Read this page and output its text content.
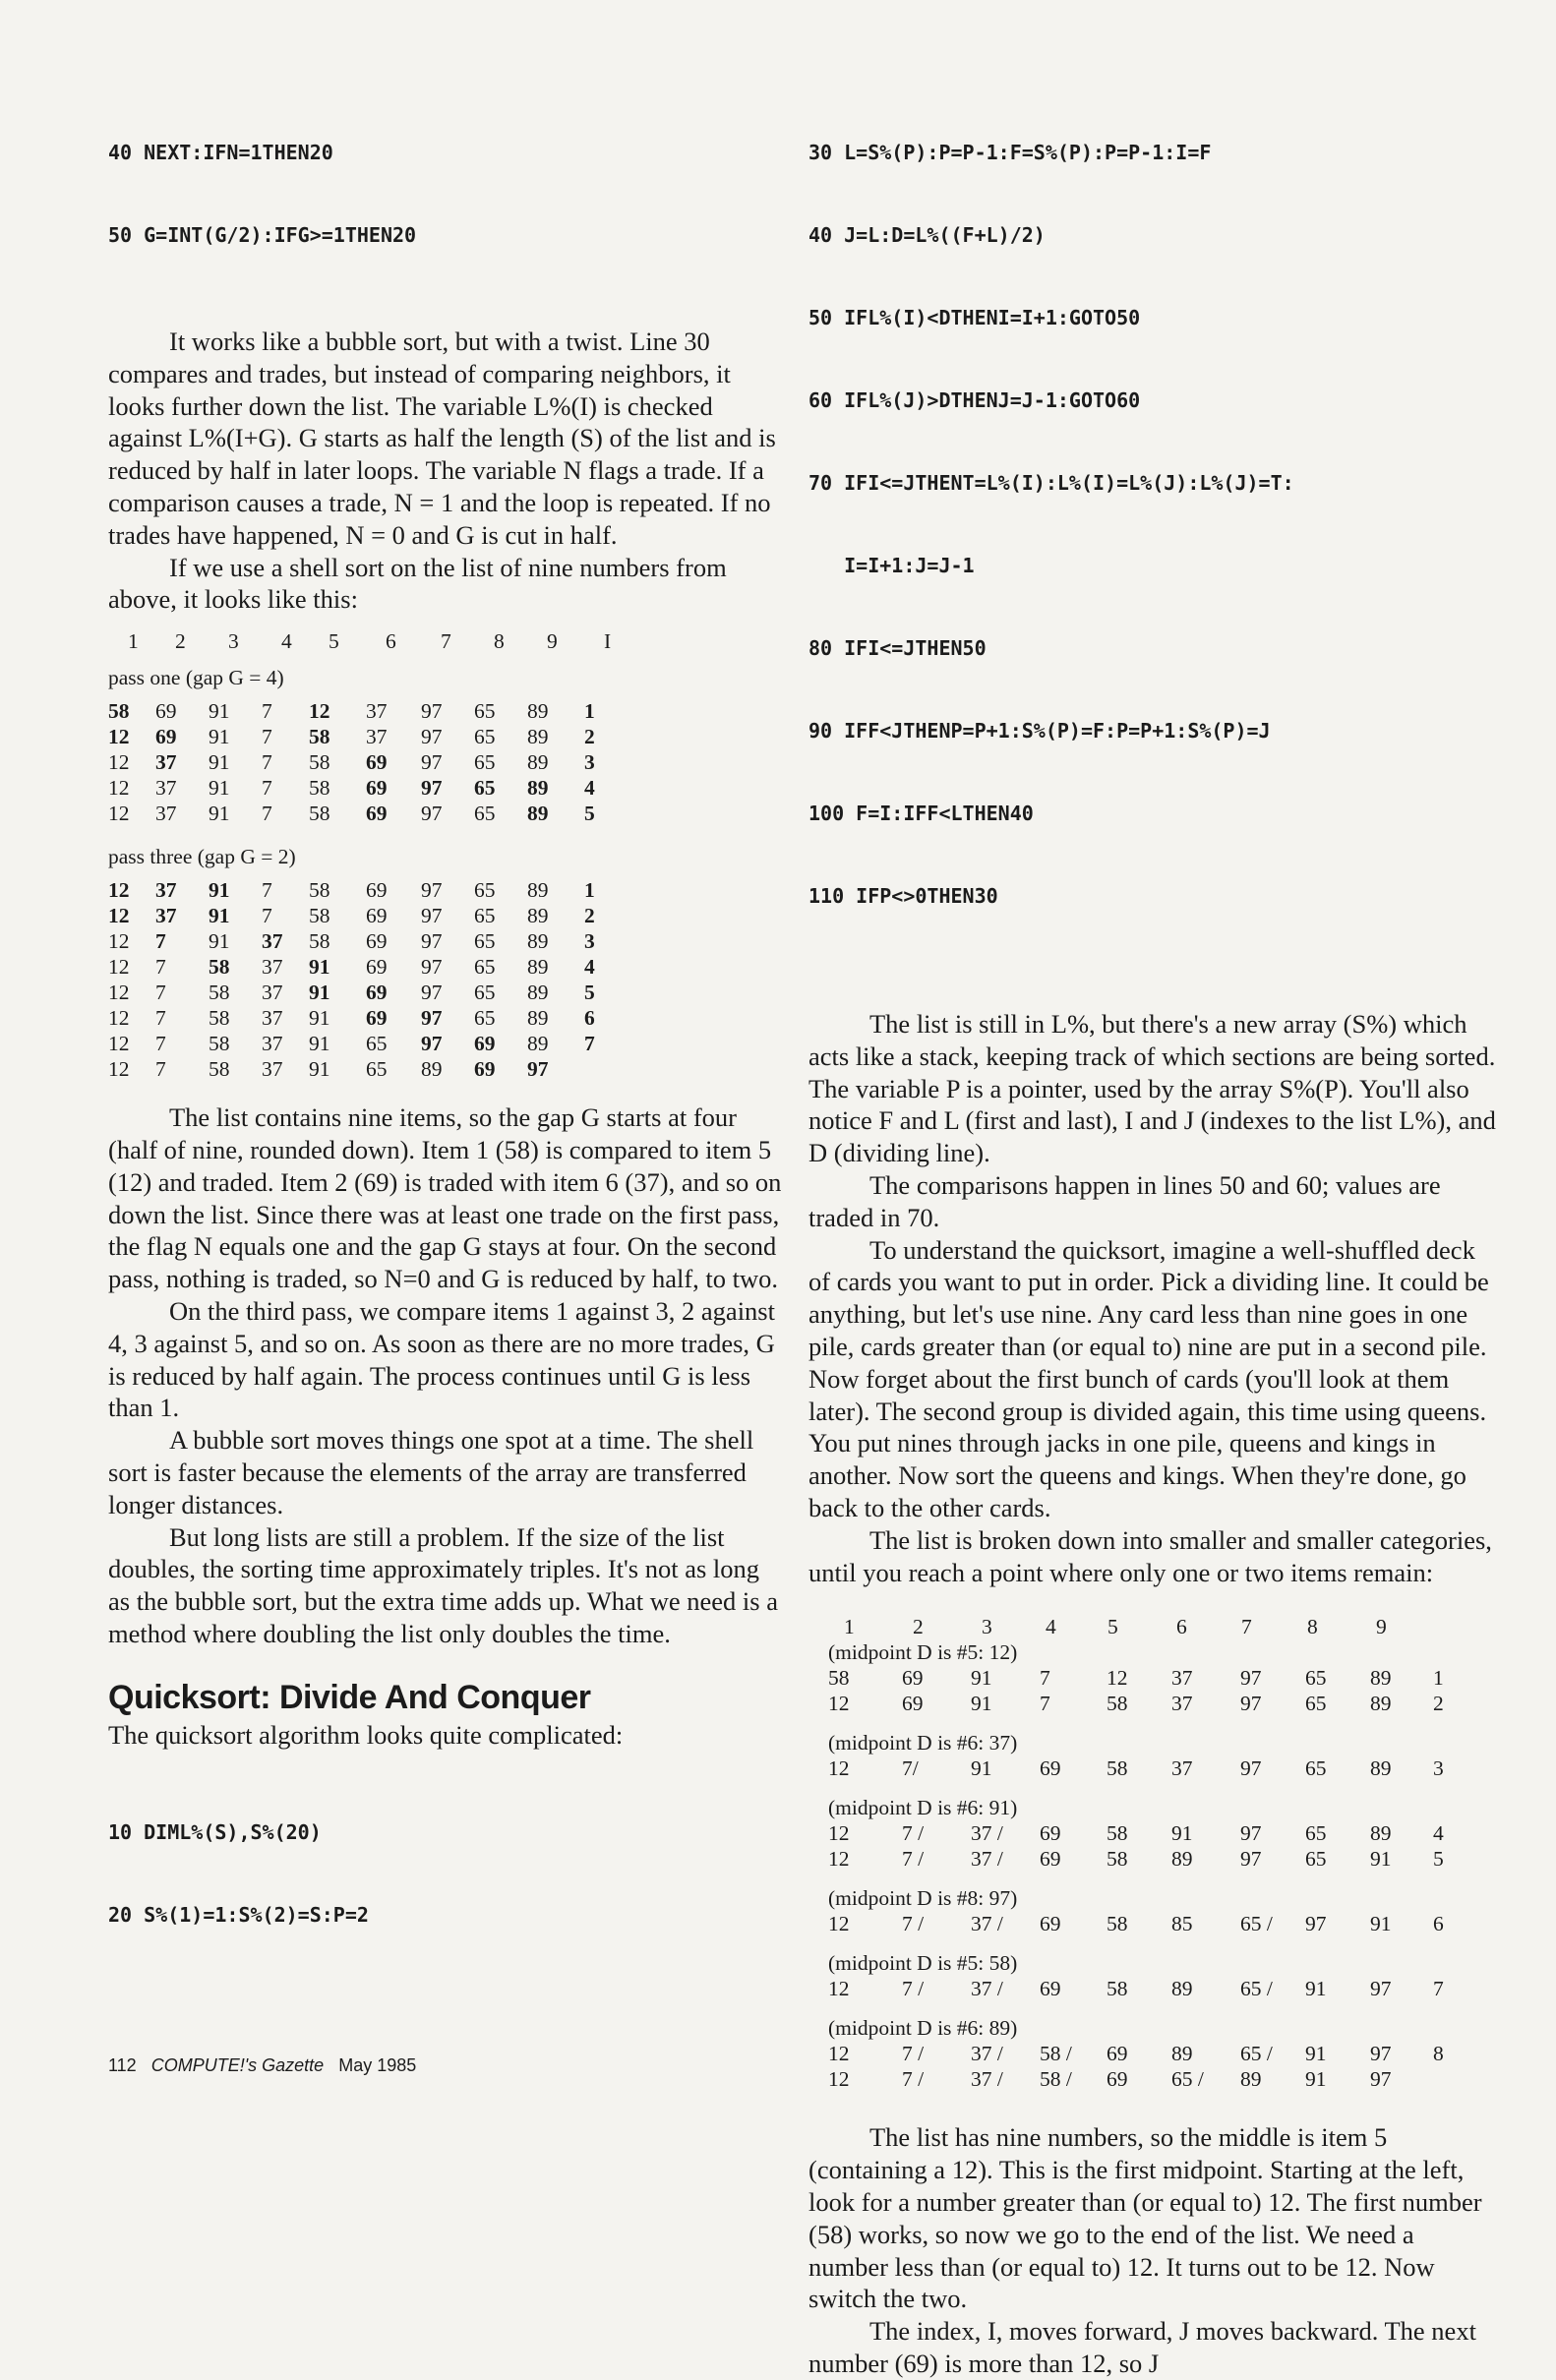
40 NEXT:IFN=1THEN20

50 G=INT(G/2):IFG>=1THEN20

It works like a bubble sort, but with a twist. Line 30 compares and trades, but instead of comparing neighbors, it looks further down the list. The variable L%(I) is checked against L%(I+G). G starts as half the length (S) of the list and is reduced by half in later loops. The variable N flags a trade. If a comparison causes a trade, N = 1 and the loop is repeated. If no trades have happened, N = 0 and G is cut in half.

If we use a shell sort on the list of nine numbers from above, it looks like this:

1	2	3	4	5	6	7	8	9	I
pass one (gap G = 4)
58	69	91	7	12	37	97	65	89	1
12	69	91	7	58	37	97	65	89	2
12	37	91	7	58	69	97	65	89	3
12	37	91	7	58	69	97	65	89	4
12	37	91	7	58	69	97	65	89	5
pass three (gap G = 2)
12	37	91	7	58	69	97	65	89	1
12	37	91	7	58	69	97	65	89	2
12	7	91	37	58	69	97	65	89	3
12	7	58	37	91	69	97	65	89	4
12	7	58	37	91	69	97	65	89	5
12	7	58	37	91	69	97	65	89	6
12	7	58	37	91	65	97	69	89	7
12	7	58	37	91	65	89	69	97	

The list contains nine items, so the gap G starts at four (half of nine, rounded down). Item 1 (58) is compared to item 5 (12) and traded. Item 2 (69) is traded with item 6 (37), and so on down the list. Since there was at least one trade on the first pass, the flag N equals one and the gap G stays at four. On the second pass, nothing is traded, so N=0 and G is reduced by half, to two.

On the third pass, we compare items 1 against 3, 2 against 4, 3 against 5, and so on. As soon as there are no more trades, G is reduced by half again. The process continues until G is less than 1.

A bubble sort moves things one spot at a time. The shell sort is faster because the elements of the array are transferred longer distances.

But long lists are still a problem. If the size of the list doubles, the sorting time approximately triples. It's not as long as the bubble sort, but the extra time adds up. What we need is a method where doubling the list only doubles the time.

Quicksort: Divide And Conquer

The quicksort algorithm looks quite complicated:

10 DIML%(S),S%(20)

20 S%(1)=1:S%(2)=S:P=2

30 L=S%(P):P=P-1:F=S%(P):P=P-1:I=F

40 J=L:D=L%((F+L)/2)

50 IFL%(I)<DTHENI=I+1:GOTO50

60 IFL%(J)>DTHENJ=J-1:GOTO60

70 IFI<=JTHENT=L%(I):L%(I)=L%(J):L%(J)=T:

I=I+1:J=J-1

80 IFI<=JTHEN50

90 IFF<JTHENP=P+1:S%(P)=F:P=P+1:S%(P)=J

100 F=I:IFF<LTHEN40

110 IFP<>0THEN30

The list is still in L%, but there's a new array (S%) which acts like a stack, keeping track of which sections are being sorted. The variable P is a pointer, used by the array S%(P). You'll also notice F and L (first and last), I and J (indexes to the list L%), and D (dividing line).

The comparisons happen in lines 50 and 60; values are traded in 70.

To understand the quicksort, imagine a well-shuffled deck of cards you want to put in order. Pick a dividing line. It could be anything, but let's use nine. Any card less than nine goes in one pile, cards greater than (or equal to) nine are put in a second pile. Now forget about the first bunch of cards (you'll look at them later). The second group is divided again, this time using queens. You put nines through jacks in one pile, queens and kings in another. Now sort the queens and kings. When they're done, go back to the other cards.

The list is broken down into smaller and smaller categories, until you reach a point where only one or two items remain:

1	2	3	4	5	6	7	8	9
(midpoint D is #5: 12)
58	69	91	7	12	37	97	65	89	1
12	69	91	7	58	37	97	65	89	2
(midpoint D is #6: 37)
12	7/	91	69	58	37	97	65	89	3
(midpoint D is #6: 91)
12	7 /	37 /	69	58	91	97	65	89	4
12	7 /	37 /	69	58	89	97	65	91	5
(midpoint D is #8: 97)
12	7 /	37 /	69	58	85	65 /	97	91	6
(midpoint D is #5: 58)
12	7 /	37 /	69	58	89	65 /	91	97	7
(midpoint D is #6: 89)
12	7 /	37 /	58 /	69	89	65 /	91	97	8
12	7 /	37 /	58 /	69	65 /	89	91	97	

The list has nine numbers, so the middle is item 5 (containing a 12). This is the first midpoint. Starting at the left, look for a number greater than (or equal to) 12. The first number (58) works, so now we go to the end of the list. We need a number less than (or equal to) 12. It turns out to be 12. Now switch the two.

The index, I, moves forward, J moves backward. The next number (69) is more than 12, so J

112 COMPUTE!'s Gazette May 1985
